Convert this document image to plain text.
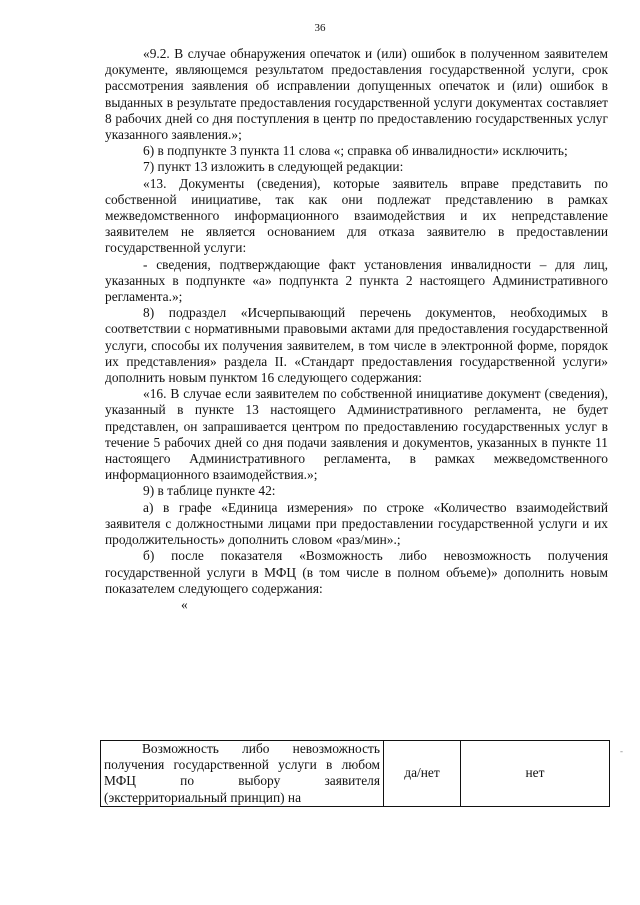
36

«9.2. В случае обнаружения опечаток и (или) ошибок в полученном заявителем документе, являющемся результатом предоставления государственной услуги, срок рассмотрения заявления об исправлении допущенных опечаток и (или) ошибок в выданных в результате предоставления государственной услуги документах составляет 8 рабочих дней со дня поступления в центр по предоставлению государственных услуг указанного заявления.»;

6) в подпункте 3 пункта 11 слова «; справка об инвалидности» исключить;

7) пункт 13 изложить в следующей редакции:

«13. Документы (сведения), которые заявитель вправе представить по собственной инициативе, так как они подлежат представлению в рамках межведомственного информационного взаимодействия и их непредставление заявителем не является основанием для отказа заявителю в предоставлении государственной услуги:

- сведения, подтверждающие факт установления инвалидности – для лиц, указанных в подпункте «а» подпункта 2 пункта 2 настоящего Административного регламента.»;

8) подраздел «Исчерпывающий перечень документов, необходимых в соответствии с нормативными правовыми актами для предоставления государственной услуги, способы их получения заявителем, в том числе в электронной форме, порядок их представления» раздела II. «Стандарт предоставления государственной услуги» дополнить новым пунктом 16 следующего содержания:

«16. В случае если заявителем по собственной инициативе документ (сведения), указанный в пункте 13 настоящего Административного регламента, не будет представлен, он запрашивается центром по предоставлению государственных услуг в течение 5 рабочих дней со дня подачи заявления и документов, указанных в пункте 11 настоящего Административного регламента, в рамках межведомственного информационного взаимодействия.»;

9) в таблице пункте 42:

а) в графе «Единица измерения» по строке «Количество взаимодействий заявителя с должностными лицами при предоставлении государственной услуги и их продолжительность» дополнить словом «раз/мин».;

б) после показателя «Возможность либо невозможность получения государственной услуги в МФЦ (в том числе в полном объеме)» дополнить новым показателем следующего содержания:

«

Возможность либо невозможность получения государственной услуги в любом МФЦ по выбору заявителя (экстерриториальный принцип) на	да/нет	нет
-
